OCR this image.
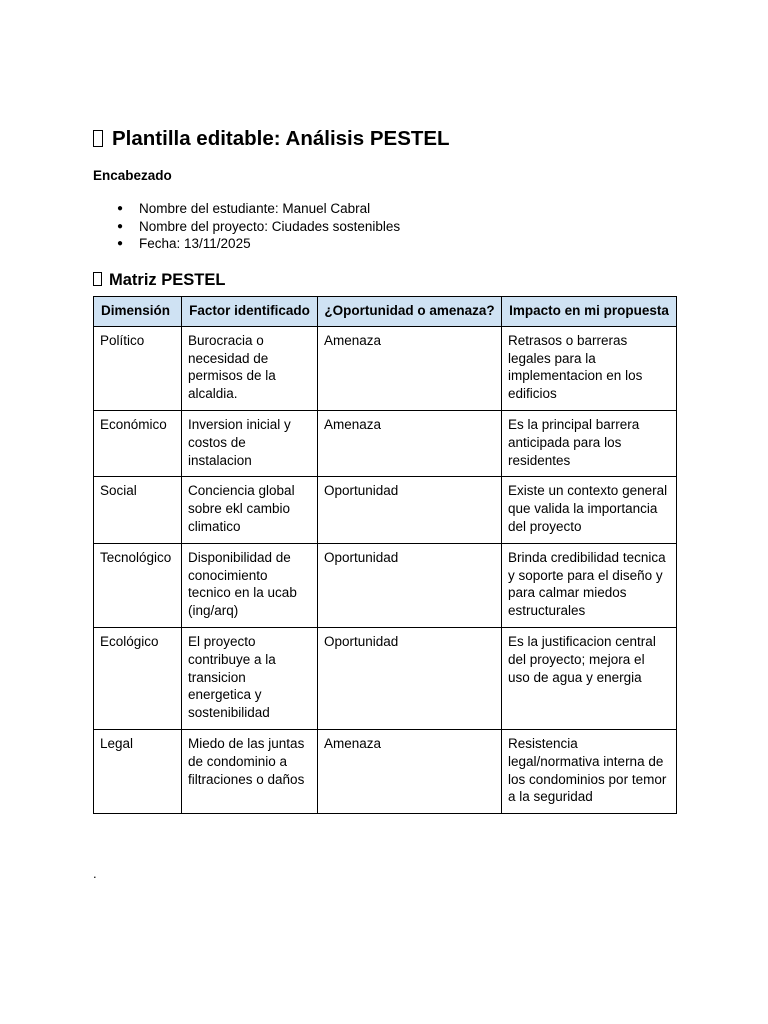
Plantilla editable: Análisis PESTEL

Encabezado

● Nombre del estudiante: Manuel Cabral
● Nombre del proyecto: Ciudades sostenibles
● Fecha: 13/11/2025
Matriz PESTEL
Dimensión	Factor identificado	¿Oportunidad o amenaza?	Impacto en mi propuesta
Político	Burocracia o necesidad de permisos de la alcaldia.	Amenaza	Retrasos o barreras legales para la implementacion en los edificios
Económico	Inversion inicial y costos de instalacion	Amenaza	Es la principal barrera anticipada para los residentes
Social	Conciencia global sobre ekl cambio climatico	Oportunidad	Existe un contexto general que valida la importancia del proyecto
Tecnológico	Disponibilidad de conocimiento tecnico en la ucab (ing/arq)	Oportunidad	Brinda credibilidad tecnica y soporte para el diseño y para calmar miedos estructurales
Ecológico	El proyecto contribuye a la transicion energetica y sostenibilidad	Oportunidad	Es la justificacion central del proyecto; mejora el uso de agua y energia
Legal	Miedo de las juntas de condominio a filtraciones o daños	Amenaza	Resistencia legal/normativa interna de los condominios por temor a la seguridad
.
